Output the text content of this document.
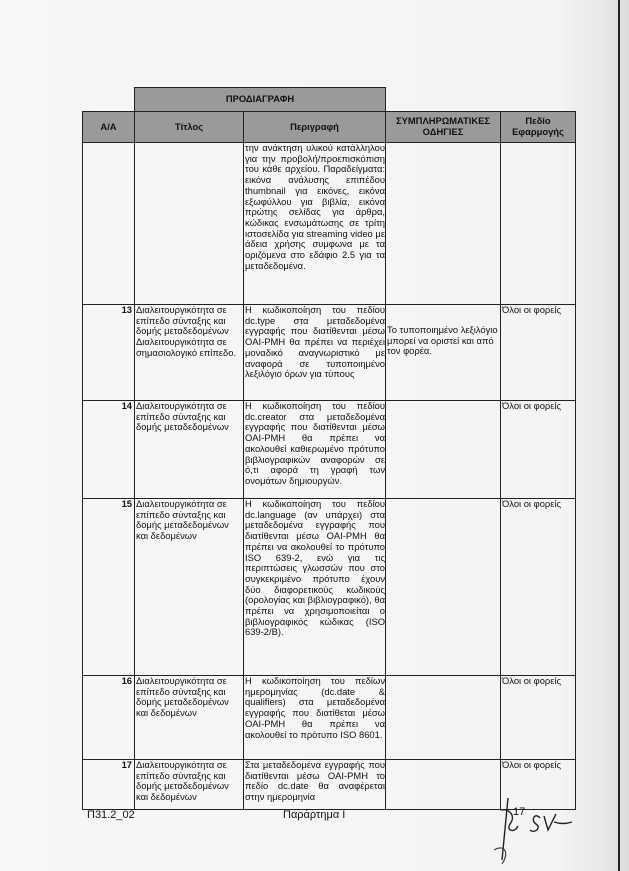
	ΠΡΟΔΙΑΓΡΑΦΗ			
Α/Α	Τίτλος	Περιγραφή	ΣΥΜΠΛΗΡΩΜΑΤΙΚΕΣ ΟΔΗΓΙΕΣ	Πεδίο Εφαρμογής
		την ανάκτηση υλικού κατάλληλου για την προβολή/προεπισκόπιση του κάθε αρχείου. Παραδείγματα: εικόνα ανάλυσης επιπέδου thumbnail για εικόνες, εικόνα εξωφύλλου για βιβλία, εικόνα πρώτης σελίδας για άρθρα, κώδικας ενσωμάτωσης σε τρίτη ιστοσελίδα για streaming video με άδεια χρήσης συμφωνα με τα οριζόμενα στο εδάφιο 2.5 για τα μεταδεδομένα.		
13	Διαλειτουργικότητα σε επίπεδο σύνταξης και δομής μεταδεδομένων Διαλειτουργικότητα σε σημασιολογικό επίπεδο.	Η κωδικοποίηση του πεδίου dc.type στα μεταδεδομένα εγγραφής που διατίθενται μέσω OAI-PMH θα πρέπει να περιέχει μοναδικό αναγνωριστικό με αναφορά σε τυποποιημένο λεξιλόγιο όρων για τύπους	Το τυποποιημένο λεξιλόγιο μπορεί να οριστεί και από τον φορέα.	Όλοι οι φορείς
14	Διαλειτουργικότητα σε επίπεδο σύνταξης και δομής μεταδεδομένων	Η κωδικοποίηση του πεδίου dc.creator στα μεταδεδομένα εγγραφής που διατίθενται μέσω OAI-PMH θα πρέπει να ακολουθεί καθιερωμένο πρότυπο βιβλιογραφικών αναφορών σε ό,τι αφορά τη γραφή των ονομάτων δημιουργών.		Όλοι οι φορείς
15	Διαλειτουργικότητα σε επίπεδο σύνταξης και δομής μεταδεδομένων και δεδομένων	Η κωδικοποίηση του πεδίου dc.language (αν υπάρχει) στα μεταδεδομένα εγγραφής που διατίθενται μέσω OAI-PMH θα πρέπει να ακολουθεί το πρότυπο ISO 639-2, ενώ για τις περιπτώσεις γλωσσών που στο συγκεκριμένο πρότυπο έχουν δύο διαφορετικούς κωδικούς (ορολογίας και βιβλιογραφικό), θα πρέπει να χρησιμοποιείται ο βιβλιογραφικός κώδικας (ISO 639-2/B).		Όλοι οι φορείς
16	Διαλειτουργικότητα σε επίπεδο σύνταξης και δομής μεταδεδομένων και δεδομένων	Η κωδικοποίηση του πεδίων ημερομηνίας (dc.date & qualifiers) στα μεταδεδομένα εγγραφής που διατίθεται μέσω OAI-PMH θα πρέπει να ακολουθεί το πρότυπο ISO 8601.		Όλοι οι φορείς
17	Διαλειτουργικότητα σε επίπεδο σύνταξης και δομής μεταδεδομένων και δεδομένων	Στα μεταδεδομένα εγγραφής που διατίθενται μέσω OAI-PMH το πεδίο dc.date θα αναφέρεται στην ημερομηνία		Όλοι οι φορείς
Π31.2_02	Παράρτημα Ι	17
